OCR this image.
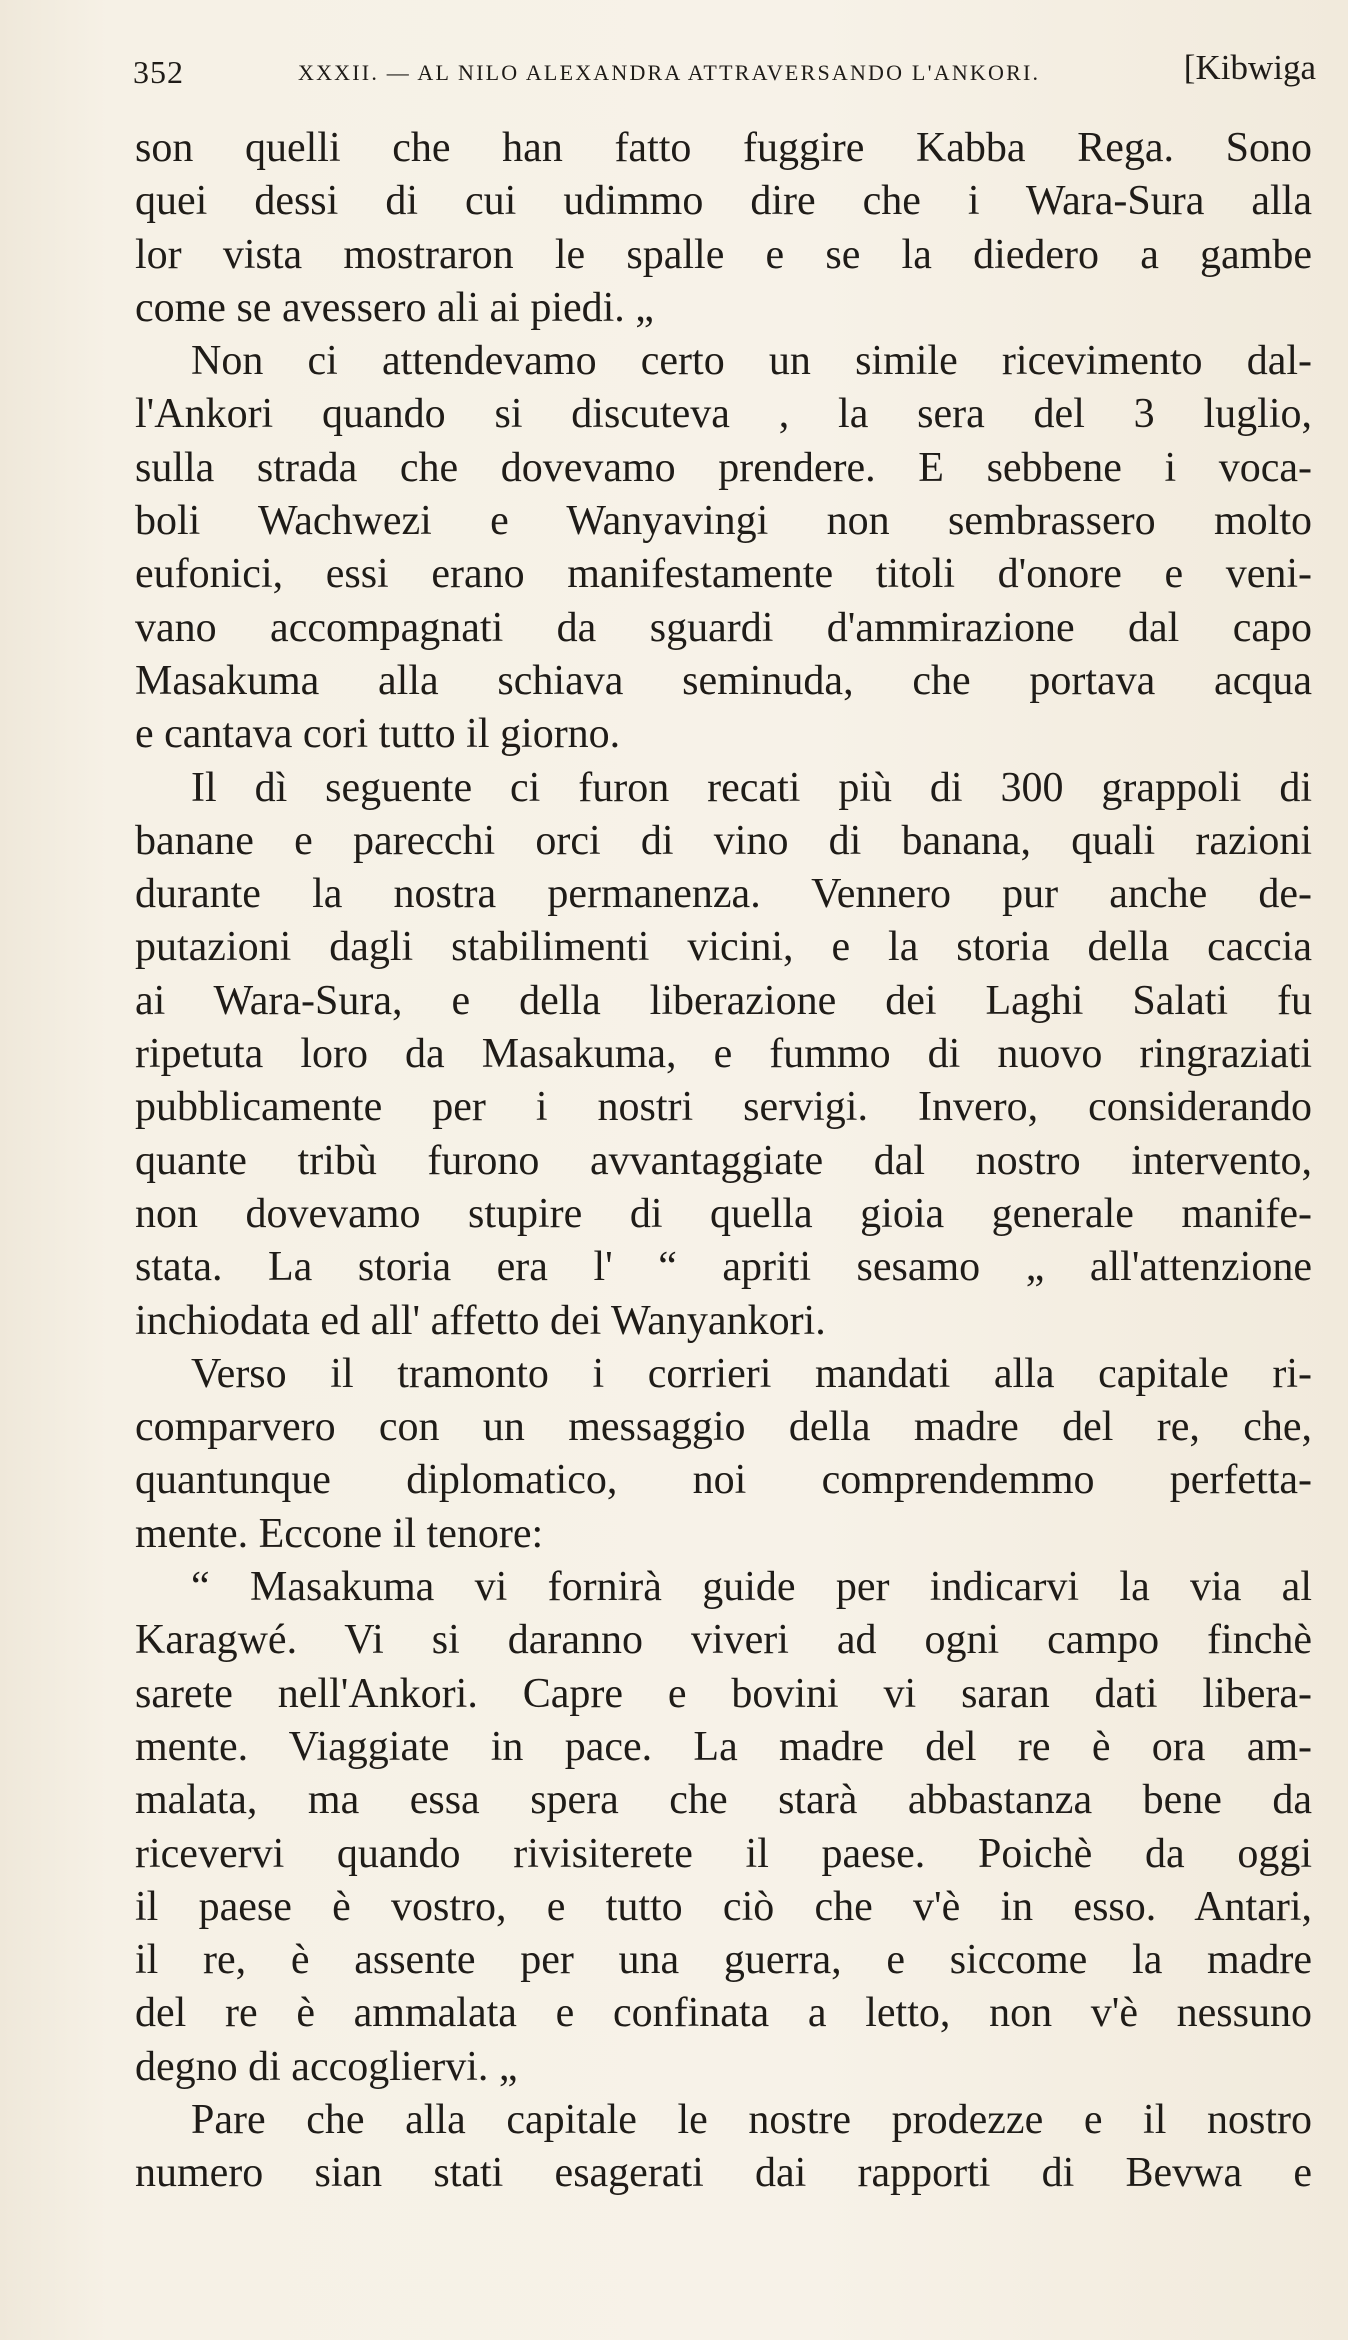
352	XXXII. — AL NILO ALEXANDRA ATTRAVERSANDO L'ANKORI.	[Kibwiga
son quelli che han fatto fuggire Kabba Rega. Sono
quei dessi di cui udimmo dire che i Wara-Sura alla
lor vista mostraron le spalle e se la diedero a gambe
come se avessero ali ai piedi. „
Non ci attendevamo certo un simile ricevimento dal-
l'Ankori quando si discuteva , la sera del 3 luglio,
sulla strada che dovevamo prendere. E sebbene i voca-
boli Wachwezi e Wanyavingi non sembrassero molto
eufonici, essi erano manifestamente titoli d'onore e veni-
vano accompagnati da sguardi d'ammirazione dal capo
Masakuma alla schiava seminuda, che portava acqua
e cantava cori tutto il giorno.
Il dì seguente ci furon recati più di 300 grappoli di
banane e parecchi orci di vino di banana, quali razioni
durante la nostra permanenza. Vennero pur anche de-
putazioni dagli stabilimenti vicini, e la storia della caccia
ai Wara-Sura, e della liberazione dei Laghi Salati fu
ripetuta loro da Masakuma, e fummo di nuovo ringraziati
pubblicamente per i nostri servigi. Invero, considerando
quante tribù furono avvantaggiate dal nostro intervento,
non dovevamo stupire di quella gioia generale manife-
stata. La storia era l' “ apriti sesamo „ all'attenzione
inchiodata ed all' affetto dei Wanyankori.
Verso il tramonto i corrieri mandati alla capitale ri-
comparvero con un messaggio della madre del re, che,
quantunque diplomatico, noi comprendemmo perfetta-
mente. Eccone il tenore:
“ Masakuma vi fornirà guide per indicarvi la via al
Karagwé. Vi si daranno viveri ad ogni campo finchè
sarete nell'Ankori. Capre e bovini vi saran dati libera-
mente. Viaggiate in pace. La madre del re è ora am-
malata, ma essa spera che starà abbastanza bene da
ricevervi quando rivisiterete il paese. Poichè da oggi
il paese è vostro, e tutto ciò che v'è in esso. Antari,
il re, è assente per una guerra, e siccome la madre
del re è ammalata e confinata a letto, non v'è nessuno
degno di accogliervi. „
Pare che alla capitale le nostre prodezze e il nostro
numero sian stati esagerati dai rapporti di Bevwa e
